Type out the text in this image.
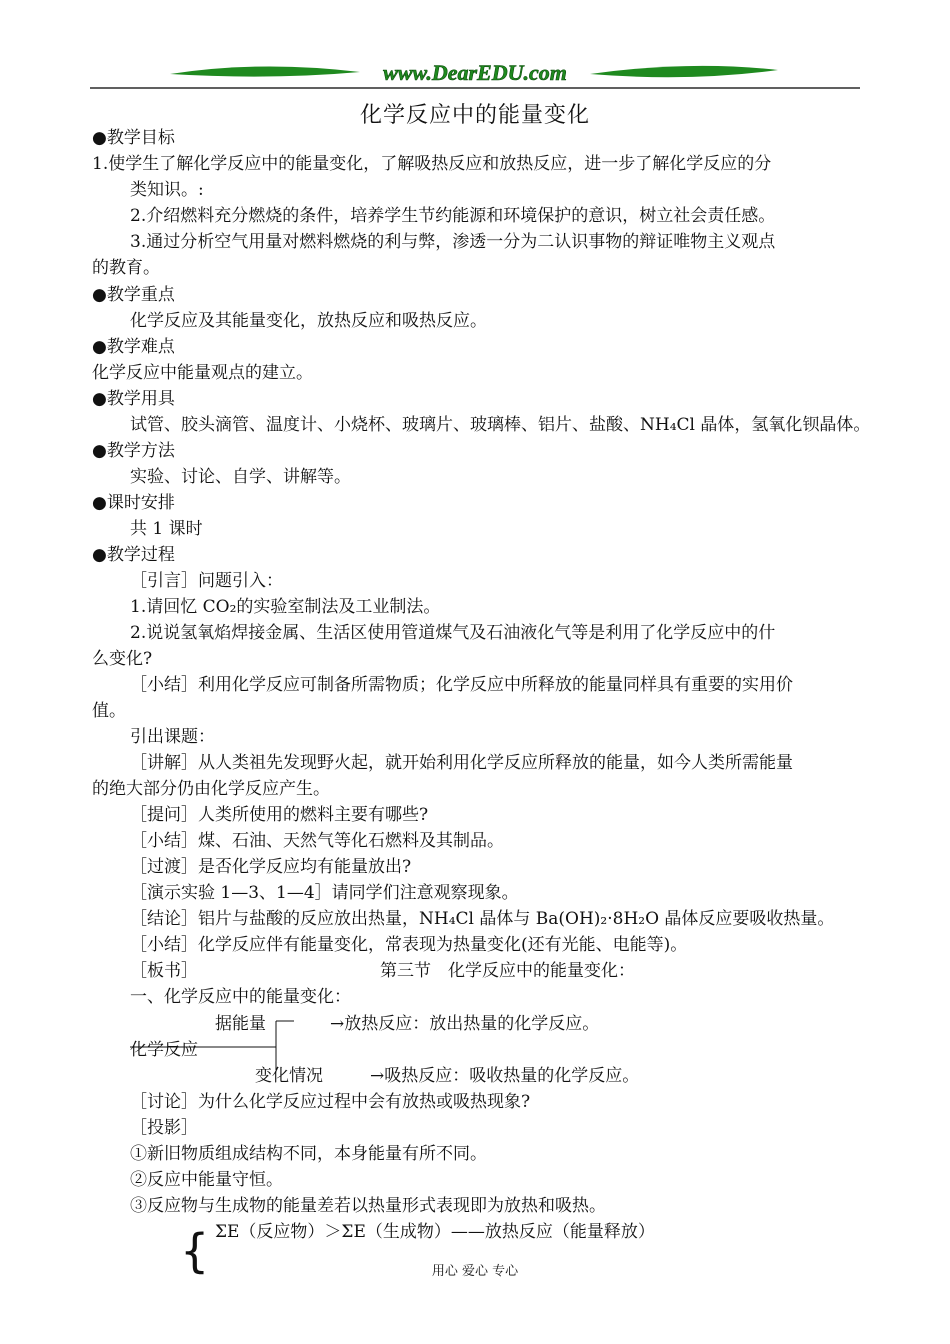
www.DearEDU.com
化学反应中的能量变化
●教学目标
1.使学生了解化学反应中的能量变化，了解吸热反应和放热反应，进一步了解化学反应的分
类知识。:
2.介绍燃料充分燃烧的条件，培养学生节约能源和环境保护的意识，树立社会责任感。
3.通过分析空气用量对燃料燃烧的利与弊，渗透一分为二认识事物的辩证唯物主义观点
的教育。
●教学重点
化学反应及其能量变化，放热反应和吸热反应。
●教学难点
化学反应中能量观点的建立。
●教学用具
试管、胶头滴管、温度计、小烧杯、玻璃片、玻璃棒、铝片、盐酸、NH₄Cl 晶体，氢氧化钡晶体。
●教学方法
实验、讨论、自学、讲解等。
●课时安排
共 1 课时
●教学过程
［引言］问题引入：
1.请回忆 CO₂的实验室制法及工业制法。
2.说说氢氧焰焊接金属、生活区使用管道煤气及石油液化气等是利用了化学反应中的什
么变化?
［小结］利用化学反应可制备所需物质；化学反应中所释放的能量同样具有重要的实用价
值。
引出课题：
［讲解］从人类祖先发现野火起，就开始利用化学反应所释放的能量，如今人类所需能量
的绝大部分仍由化学反应产生。
［提问］人类所使用的燃料主要有哪些?
［小结］煤、石油、天然气等化石燃料及其制品。
［过渡］是否化学反应均有能量放出?
［演示实验 1—3、1—4］请同学们注意观察现象。
［结论］铝片与盐酸的反应放出热量，NH₄Cl 晶体与 Ba(OH)₂·8H₂O 晶体反应要吸收热量。
［小结］化学反应伴有能量变化，常表现为热量变化(还有光能、电能等)。
［板书］	第三节　化学反应中的能量变化：
一、化学反应中的能量变化：
据能量	→放热反应：放出热量的化学反应。
化学反应
变化情况	→吸热反应：吸收热量的化学反应。
［讨论］为什么化学反应过程中会有放热或吸热现象?
［投影］
①新旧物质组成结构不同，本身能量有所不同。
②反应中能量守恒。
③反应物与生成物的能量差若以热量形式表现即为放热和吸热。
{ ΣE（反应物）＞ΣE（生成物）——放热反应（能量释放）
用心 爱心 专心
